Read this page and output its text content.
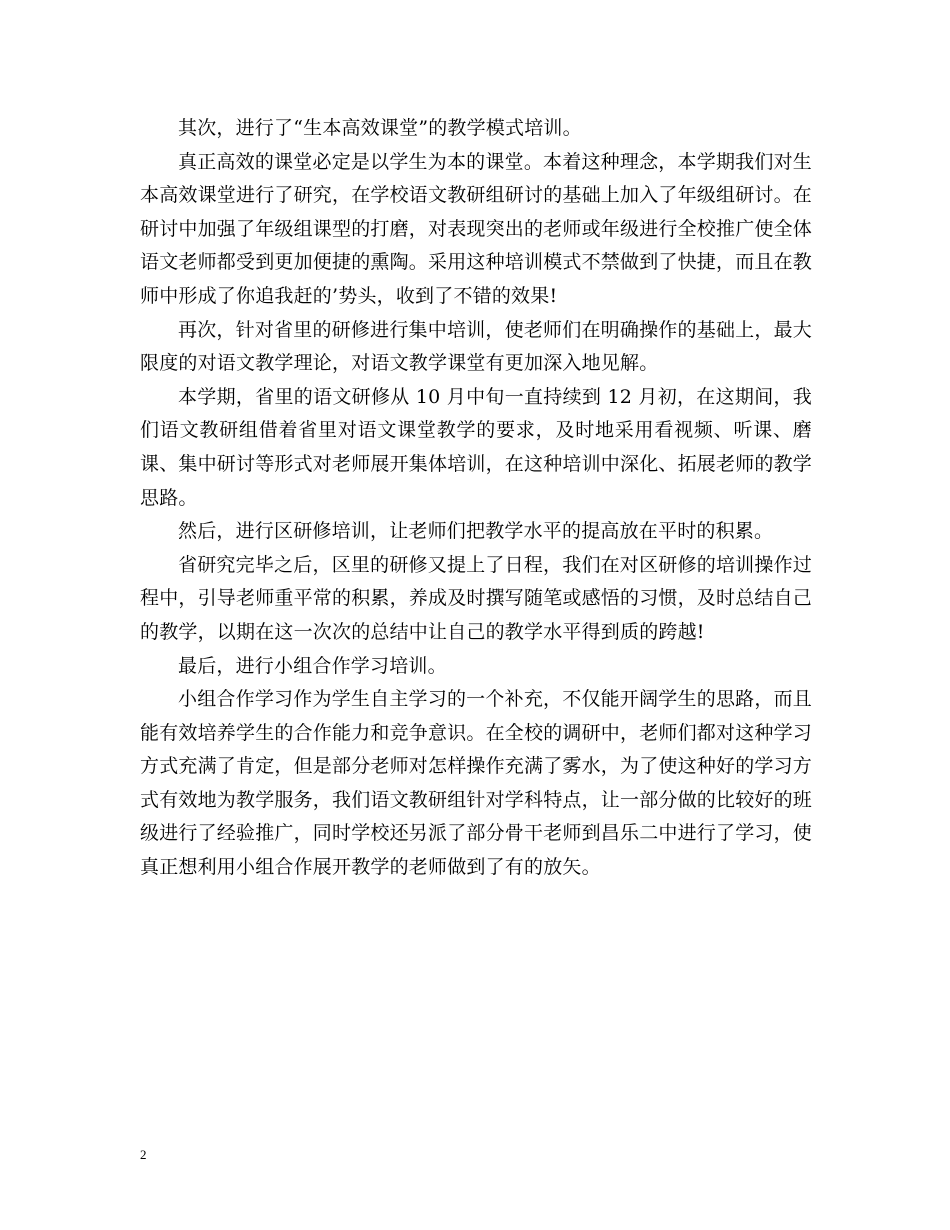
其次，进行了“生本高效课堂”的教学模式培训。

真正高效的课堂必定是以学生为本的课堂。本着这种理念，本学期我们对生本高效课堂进行了研究，在学校语文教研组研讨的基础上加入了年级组研讨。在研讨中加强了年级组课型的打磨，对表现突出的老师或年级进行全校推广使全体语文老师都受到更加便捷的熏陶。采用这种培训模式不禁做到了快捷，而且在教师中形成了你追我赶的’势头，收到了不错的效果!

再次，针对省里的研修进行集中培训，使老师们在明确操作的基础上，最大限度的对语文教学理论，对语文教学课堂有更加深入地见解。

本学期，省里的语文研修从 10 月中旬一直持续到 12 月初，在这期间，我们语文教研组借着省里对语文课堂教学的要求，及时地采用看视频、听课、磨课、集中研讨等形式对老师展开集体培训，在这种培训中深化、拓展老师的教学思路。

然后，进行区研修培训，让老师们把教学水平的提高放在平时的积累。

省研究完毕之后，区里的研修又提上了日程，我们在对区研修的培训操作过程中，引导老师重平常的积累，养成及时撰写随笔或感悟的习惯，及时总结自己的教学，以期在这一次次的总结中让自己的教学水平得到质的跨越!

最后，进行小组合作学习培训。

小组合作学习作为学生自主学习的一个补充，不仅能开阔学生的思路，而且能有效培养学生的合作能力和竞争意识。在全校的调研中，老师们都对这种学习方式充满了肯定，但是部分老师对怎样操作充满了雾水，为了使这种好的学习方式有效地为教学服务，我们语文教研组针对学科特点，让一部分做的比较好的班级进行了经验推广，同时学校还另派了部分骨干老师到昌乐二中进行了学习，使真正想利用小组合作展开教学的老师做到了有的放矢。

2
